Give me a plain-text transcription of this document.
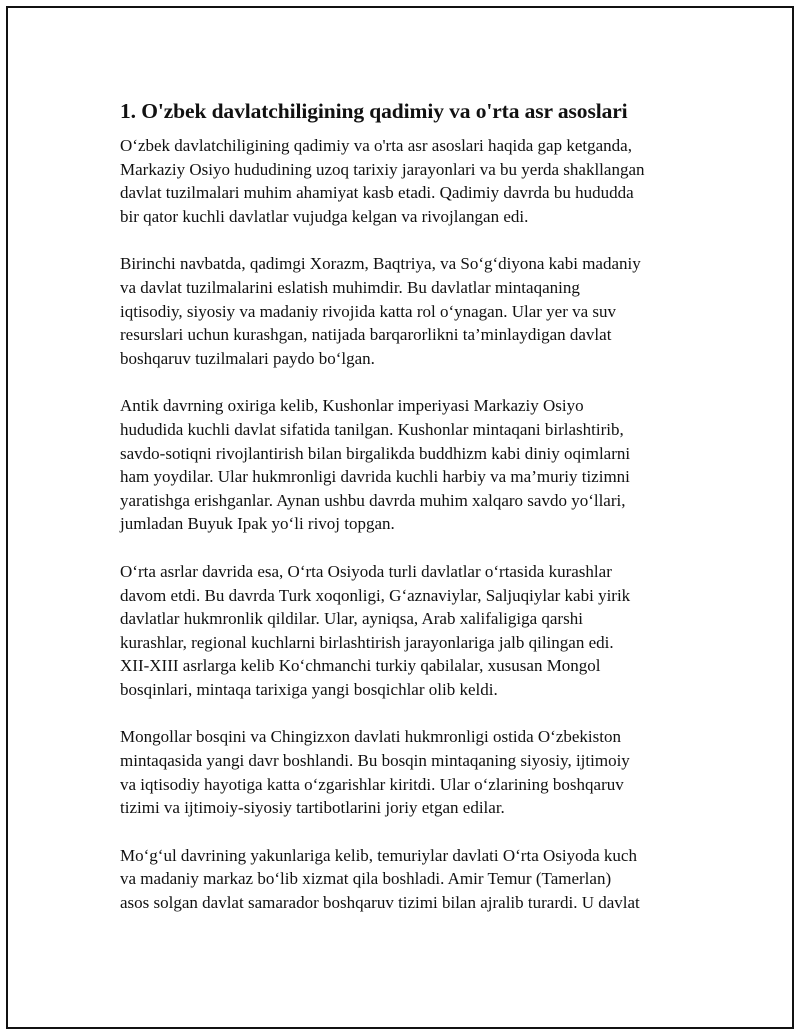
1. O'zbek davlatchiligining qadimiy va o'rta asr asoslari

O‘zbek davlatchiligining qadimiy va o'rta asr asoslari haqida gap ketganda,
Markaziy Osiyo hududining uzoq tarixiy jarayonlari va bu yerda shakllangan
davlat tuzilmalari muhim ahamiyat kasb etadi. Qadimiy davrda bu hududda
bir qator kuchli davlatlar vujudga kelgan va rivojlangan edi.

Birinchi navbatda, qadimgi Xorazm, Baqtriya, va So‘g‘diyona kabi madaniy
va davlat tuzilmalarini eslatish muhimdir. Bu davlatlar mintaqaning
iqtisodiy, siyosiy va madaniy rivojida katta rol o‘ynagan. Ular yer va suv
resurslari uchun kurashgan, natijada barqarorlikni ta’minlaydigan davlat
boshqaruv tuzilmalari paydo bo‘lgan.

Antik davrning oxiriga kelib, Kushonlar imperiyasi Markaziy Osiyo
hududida kuchli davlat sifatida tanilgan. Kushonlar mintaqani birlashtirib,
savdo-sotiqni rivojlantirish bilan birgalikda buddhizm kabi diniy oqimlarni
ham yoydilar. Ular hukmronligi davrida kuchli harbiy va ma’muriy tizimni
yaratishga erishganlar. Aynan ushbu davrda muhim xalqaro savdo yo‘llari,
jumladan Buyuk Ipak yo‘li rivoj topgan.

O‘rta asrlar davrida esa, O‘rta Osiyoda turli davlatlar o‘rtasida kurashlar
davom etdi. Bu davrda Turk xoqonligi, G‘aznaviylar, Saljuqiylar kabi yirik
davlatlar hukmronlik qildilar. Ular, ayniqsa, Arab xalifaligiga qarshi
kurashlar, regional kuchlarni birlashtirish jarayonlariga jalb qilingan edi.
XII-XIII asrlarga kelib Ko‘chmanchi turkiy qabilalar, xususan Mongol
bosqinlari, mintaqa tarixiga yangi bosqichlar olib keldi.

Mongollar bosqini va Chingizxon davlati hukmronligi ostida O‘zbekiston
mintaqasida yangi davr boshlandi. Bu bosqin mintaqaning siyosiy, ijtimoiy
va iqtisodiy hayotiga katta o‘zgarishlar kiritdi. Ular o‘zlarining boshqaruv
tizimi va ijtimoiy-siyosiy tartibotlarini joriy etgan edilar.

Mo‘g‘ul davrining yakunlariga kelib, temuriylar davlati O‘rta Osiyoda kuch
va madaniy markaz bo‘lib xizmat qila boshladi. Amir Temur (Tamerlan)
asos solgan davlat samarador boshqaruv tizimi bilan ajralib turardi. U davlat
